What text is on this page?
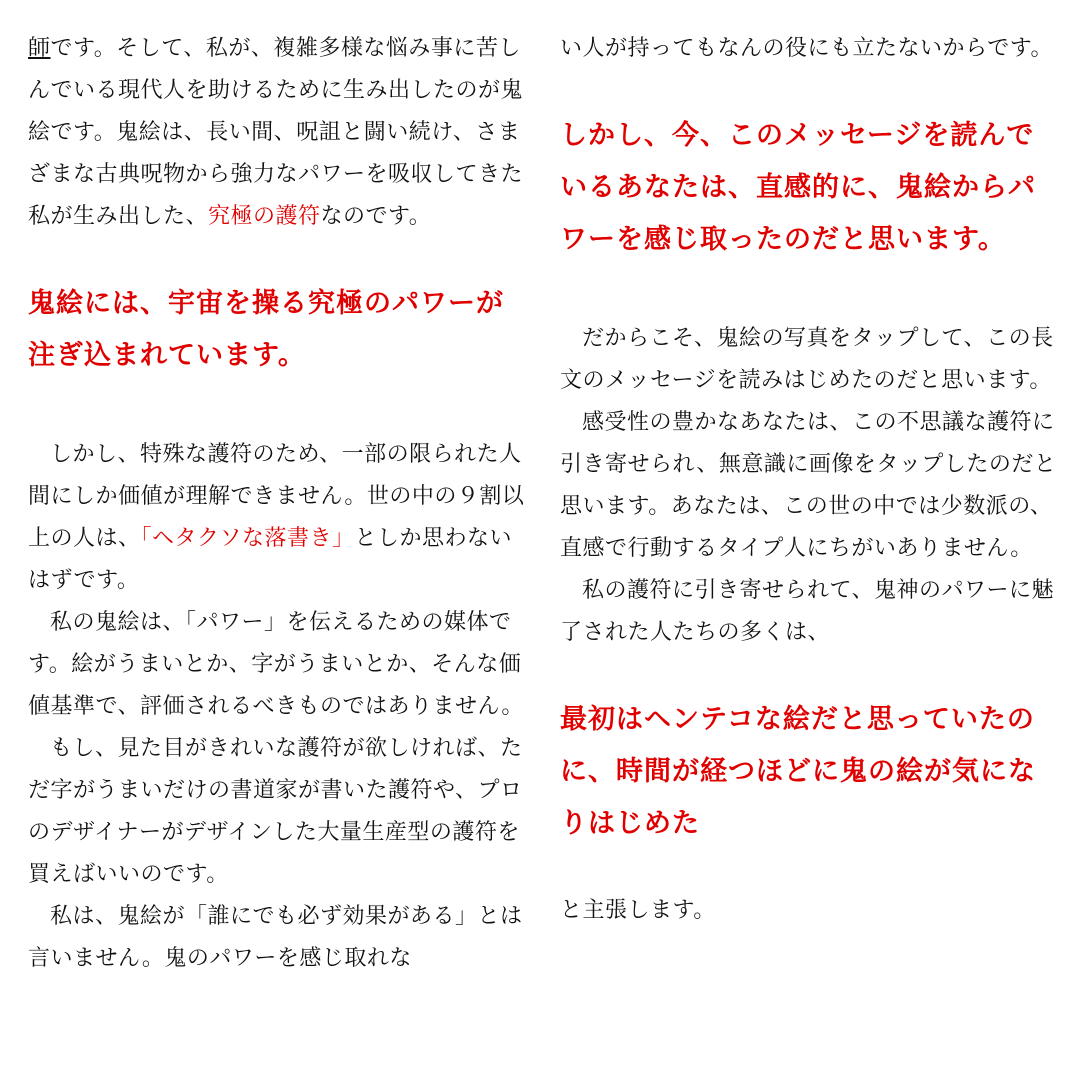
師です。そして、私が、複雑多様な悩み事に苦しんでいる現代人を助けるために生み出したのが鬼絵です。鬼絵は、長い間、呪詛と闘い続け、さまざまな古典呪物から強力なパワーを吸収してきた私が生み出した、究極の護符なのです。

鬼絵には、宇宙を操る究極のパワーが注ぎ込まれています。

しかし、特殊な護符のため、一部の限られた人間にしか価値が理解できません。世の中の９割以上の人は、「ヘタクソな落書き」としか思わないはずです。

私の鬼絵は、「パワー」を伝えるための媒体です。絵がうまいとか、字がうまいとか、そんな価値基準で、評価されるべきものではありません。

もし、見た目がきれいな護符が欲しければ、ただ字がうまいだけの書道家が書いた護符や、プロのデザイナーがデザインした大量生産型の護符を買えばいいのです。

私は、鬼絵が「誰にでも必ず効果がある」とは言いません。鬼のパワーを感じ取れな

い人が持ってもなんの役にも立たないからです。

しかし、今、このメッセージを読んでいるあなたは、直感的に、鬼絵からパワーを感じ取ったのだと思います。

だからこそ、鬼絵の写真をタップして、この長文のメッセージを読みはじめたのだと思います。

感受性の豊かなあなたは、この不思議な護符に引き寄せられ、無意識に画像をタップしたのだと思います。あなたは、この世の中では少数派の、直感で行動するタイプ人にちがいありません。

私の護符に引き寄せられて、鬼神のパワーに魅了された人たちの多くは、

最初はヘンテコな絵だと思っていたのに、時間が経つほどに鬼の絵が気になりはじめた

と主張します。
